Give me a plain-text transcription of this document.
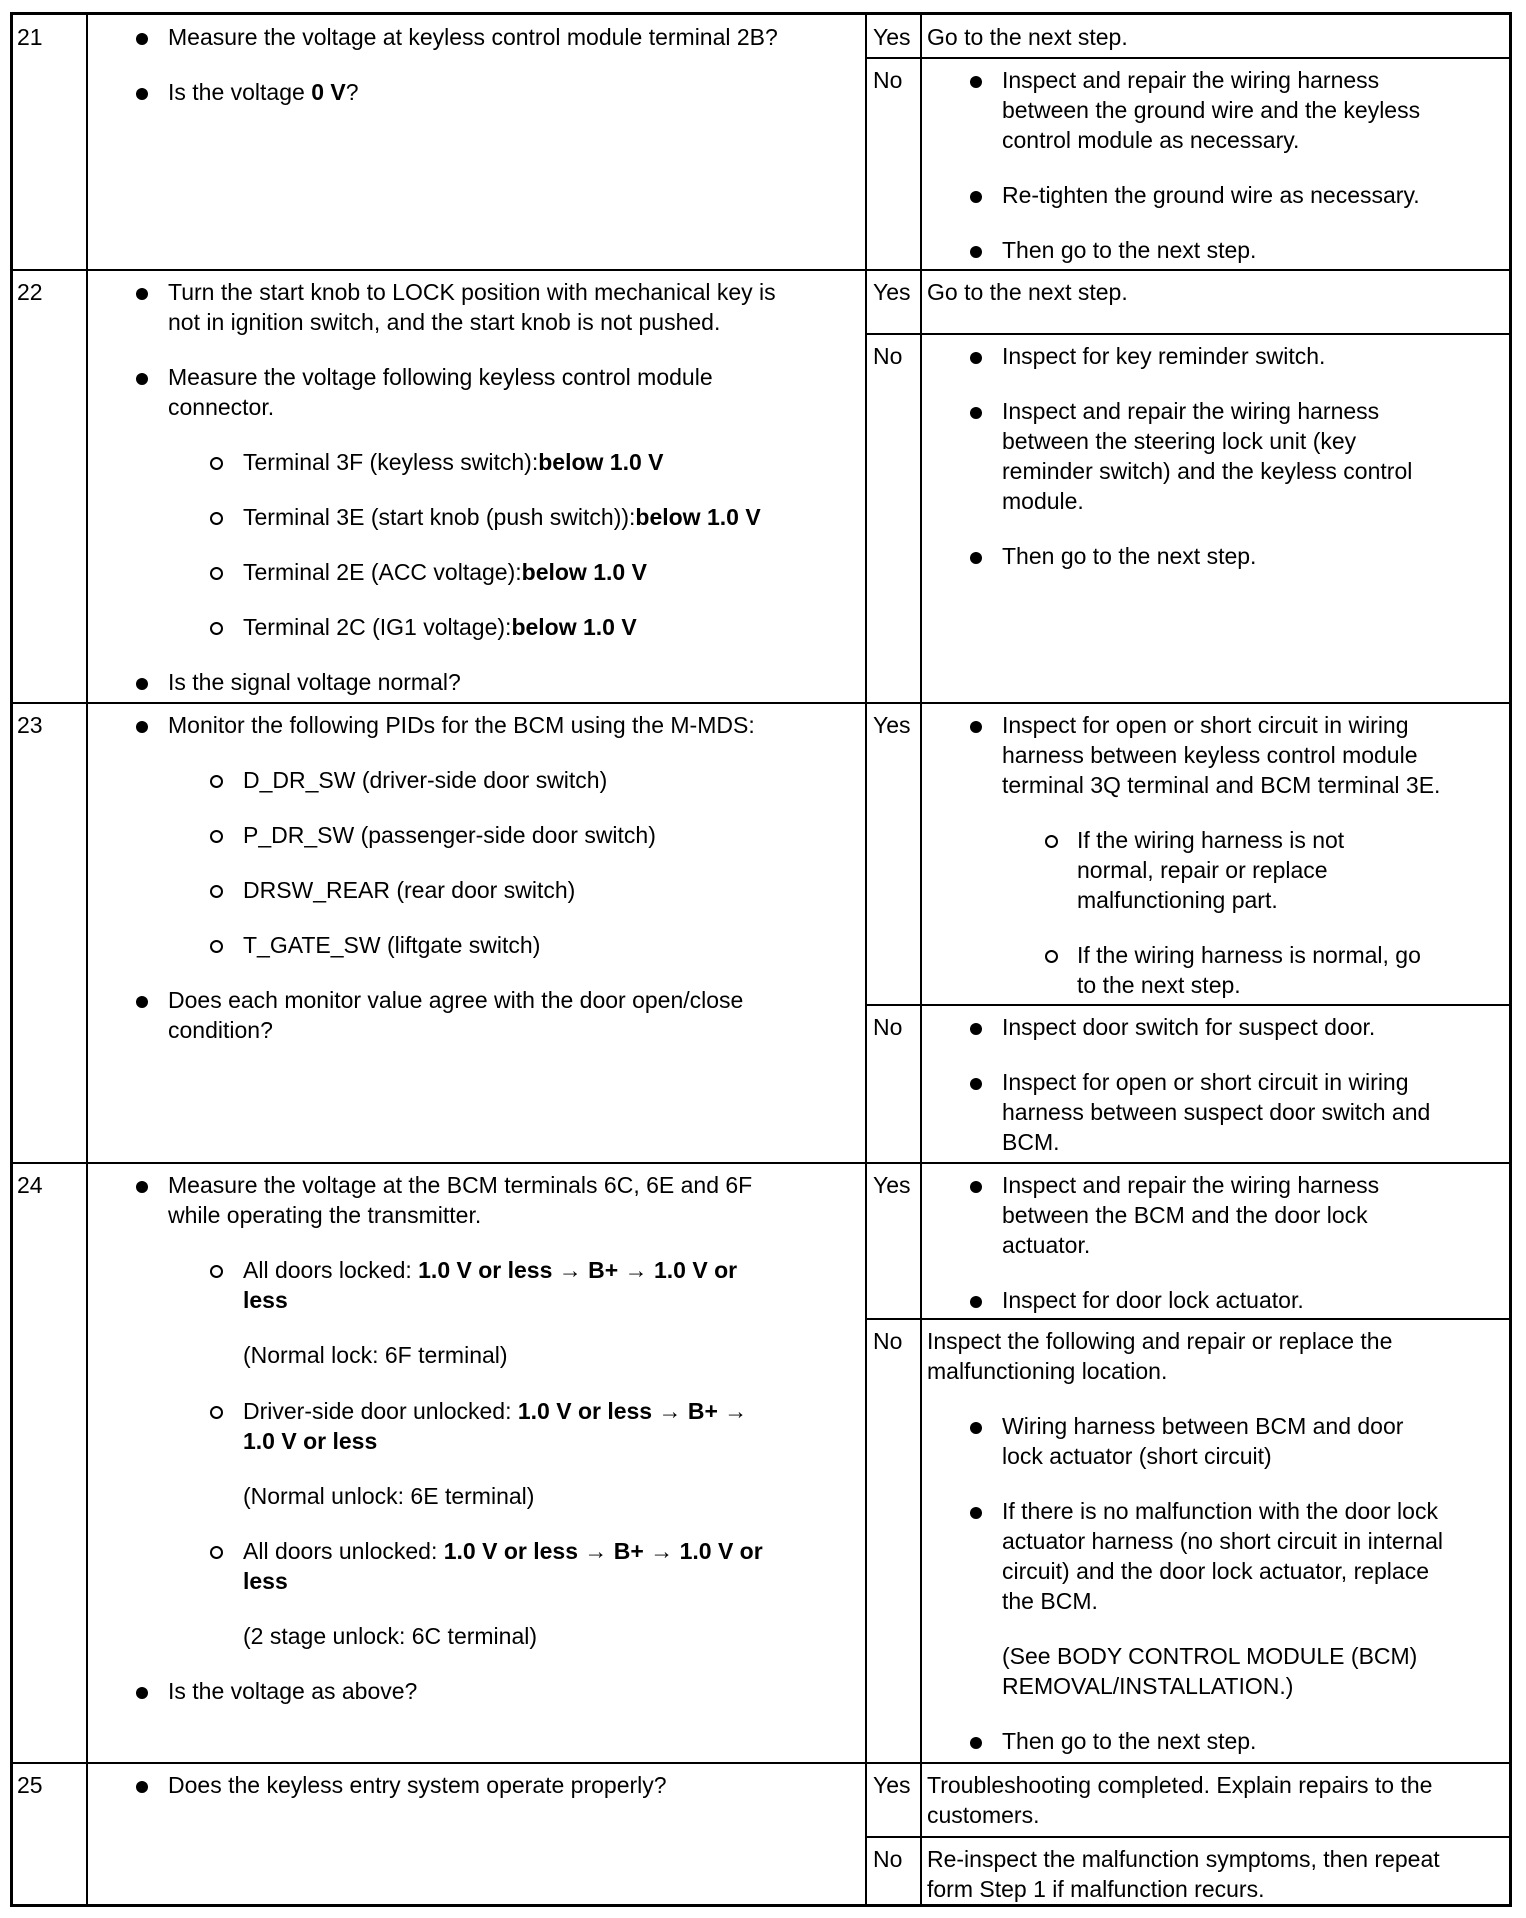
21	Measure the voltage at keyless control module terminal 2B?
Is the voltage 0 V?
Yes Go to the next step.
No	Inspect and repair the wiring harness
between the ground wire and the keyless
control module as necessary.
Re-tighten the ground wire as necessary.
Then go to the next step.
22	Turn the start knob to LOCK position with mechanical key is
not in ignition switch, and the start knob is not pushed.
Measure the voltage following keyless control module
connector.
Terminal 3F (keyless switch):below 1.0 V
Terminal 3E (start knob (push switch)):below 1.0 V
Terminal 2E (ACC voltage):below 1.0 V
Terminal 2C (IG1 voltage):below 1.0 V
Is the signal voltage normal?
Yes Go to the next step.
No	Inspect for key reminder switch.
Inspect and repair the wiring harness
between the steering lock unit (key
reminder switch) and the keyless control
module.
Then go to the next step.
23	Monitor the following PIDs for the BCM using the M-MDS:
D_DR_SW (driver-side door switch)
P_DR_SW (passenger-side door switch)
DRSW_REAR (rear door switch)
T_GATE_SW (liftgate switch)
Does each monitor value agree with the door open/close
condition?
Yes	Inspect for open or short circuit in wiring
harness between keyless control module
terminal 3Q terminal and BCM terminal 3E.
If the wiring harness is not
normal, repair or replace
malfunctioning part.
If the wiring harness is normal, go
to the next step.
No	Inspect door switch for suspect door.
Inspect for open or short circuit in wiring
harness between suspect door switch and
BCM.
24	Measure the voltage at the BCM terminals 6C, 6E and 6F
while operating the transmitter.
All doors locked: 1.0 V or less → B+ → 1.0 V or
less
(Normal lock: 6F terminal)
Driver-side door unlocked: 1.0 V or less → B+ →
1.0 V or less
(Normal unlock: 6E terminal)
All doors unlocked: 1.0 V or less → B+ → 1.0 V or
less
(2 stage unlock: 6C terminal)
Is the voltage as above?
Yes	Inspect and repair the wiring harness
between the BCM and the door lock
actuator.
Inspect for door lock actuator.
No Inspect the following and repair or replace the
malfunctioning location.
Wiring harness between BCM and door
lock actuator (short circuit)
If there is no malfunction with the door lock
actuator harness (no short circuit in internal
circuit) and the door lock actuator, replace
the BCM.
(See BODY CONTROL MODULE (BCM)
REMOVAL/INSTALLATION.)
Then go to the next step.
25	Does the keyless entry system operate properly?	Yes Troubleshooting completed. Explain repairs to the
customers.
No Re-inspect the malfunction symptoms, then repeat
form Step 1 if malfunction recurs.
